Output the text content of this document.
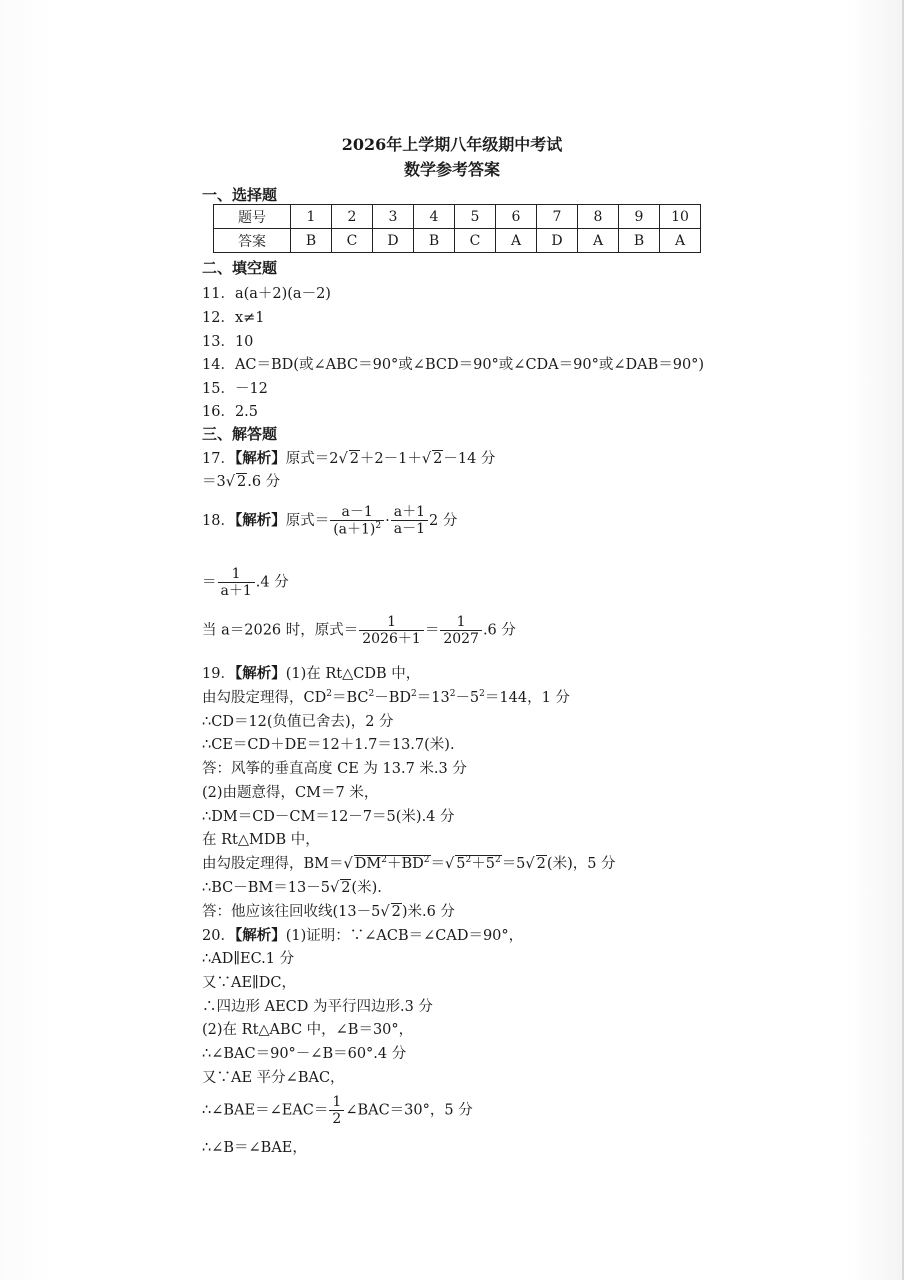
2026年上学期八年级期中考试
数学参考答案
一、选择题
题号	1	2	3	4	5	6	7	8	9	10
答案	B	C	D	B	C	A	D	A	B	A
二、填空题
11．a(a＋2)(a－2)
12．x≠1
13．10
14．AC＝BD(或∠ABC＝90°或∠BCD＝90°或∠CDA＝90°或∠DAB＝90°)
15．－12
16．2.5
三、解答题
17．【解析】原式＝2√ 2＋2－1＋√ 2－14 分
＝3√ 2.6 分
18．【解析】原式＝ $\frac{a-1}{(a+1)^2} \cdot \frac{a+1}{a-1} 2$ 分
＝ $\frac{1}{a+1} .4$ 分
当 a＝2026 时，原式＝ $\frac{1}{2026+1} = \frac{1}{2027} .6$ 分
19．【解析】(1)在 Rt△CDB 中，
由勾股定理得，$CD^2=BC^2-BD^2=13^2-5^2=144$，1 分
∴CD＝12(负值已舍去)，2 分
∴CE＝CD＋DE＝12＋1.7＝13.7(米).
答：风筝的垂直高度 CE 为 13.7 米.3 分
(2)由题意得，CM＝7 米，
∴DM＝CD－CM＝12－7＝5(米).4 分
在 Rt△MDB 中，
由勾股定理得，BM＝√ $DM^2+BD^2=√$ $5^2+5^2=5√$ 2(米)，5 分
∴BC－BM＝13－5√ 2(米).
答：他应该往回收线(13－5√ 2)米.6 分
20．【解析】(1)证明：∵∠ACB＝∠CAD＝90°，
∴AD∥EC.1 分
又∵AE∥DC，
∴四边形 AECD 为平行四边形.3 分
(2)在 Rt△ABC 中，∠B＝30°，
∴∠BAC＝90°－∠B＝60°.4 分
又∵AE 平分∠BAC，
∴∠BAE＝∠EAC＝ $\frac{1}{2}$ ∠BAC＝30°，5 分
∴∠B＝∠BAE，
